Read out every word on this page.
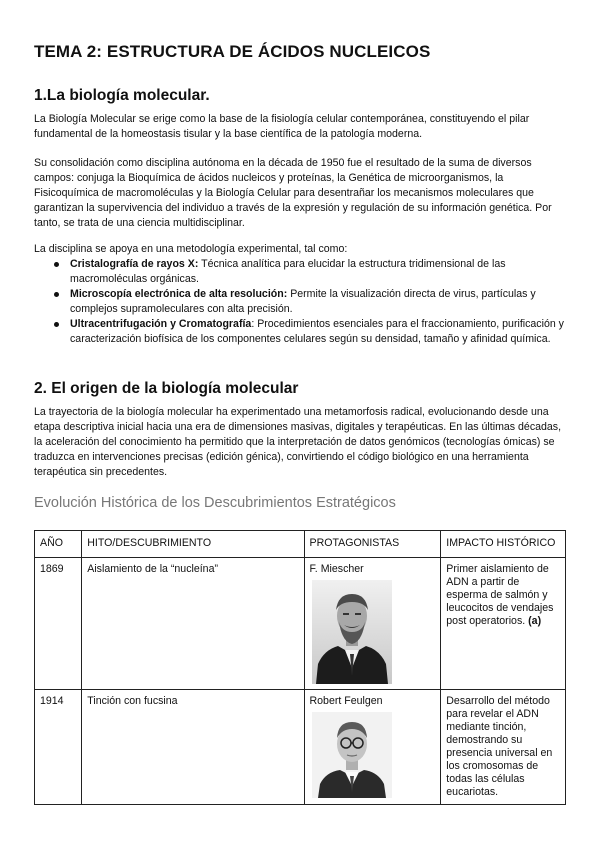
TEMA 2: ESTRUCTURA DE ÁCIDOS NUCLEICOS
1.La biología molecular.

La Biología Molecular se erige como la base de la fisiología celular contemporánea, constituyendo el pilar fundamental de la homeostasis tisular y la base científica de la patología moderna.

Su consolidación como disciplina autónoma en la década de 1950 fue el resultado de la suma de diversos campos: conjuga la Bioquímica de ácidos nucleicos y proteínas, la Genética de microorganismos, la Fisicoquímica de macromoléculas y la Biología Celular para desentrañar los mecanismos moleculares que garantizan la supervivencia del individuo a través de la expresión y regulación de su información genética. Por tanto, se trata de una ciencia multidisciplinar.

La disciplina se apoya en una metodología experimental, tal como:

Cristalografía de rayos X: Técnica analítica para elucidar la estructura tridimensional de las macromoléculas orgánicas.
Microscopía electrónica de alta resolución: Permite la visualización directa de virus, partículas y complejos supramoleculares con alta precisión.
Ultracentrifugación y Cromatografía: Procedimientos esenciales para el fraccionamiento, purificación y caracterización biofísica de los componentes celulares según su densidad, tamaño y afinidad química.
2. El origen de la biología molecular

La trayectoria de la biología molecular ha experimentado una metamorfosis radical, evolucionando desde una etapa descriptiva inicial hacia una era de dimensiones masivas, digitales y terapéuticas. En las últimas décadas, la aceleración del conocimiento ha permitido que la interpretación de datos genómicos (tecnologías ómicas) se traduzca en intervenciones precisas (edición génica), convirtiendo el código biológico en una herramienta terapéutica sin precedentes.

Evolución Histórica de los Descubrimientos Estratégicos
AÑO	HITO/DESCUBRIMIENTO	PROTAGONISTAS	IMPACTO HISTÓRICO
1869	Aislamiento de la “nucleína”	F. Miescher	Primer aislamiento de ADN a partir de esperma de salmón y leucocitos de vendajes post operatorios. (a)
1914	Tinción con fucsina	Robert Feulgen	Desarrollo del método para revelar el ADN mediante tinción, demostrando su presencia universal en los cromosomas de todas las células eucariotas.
